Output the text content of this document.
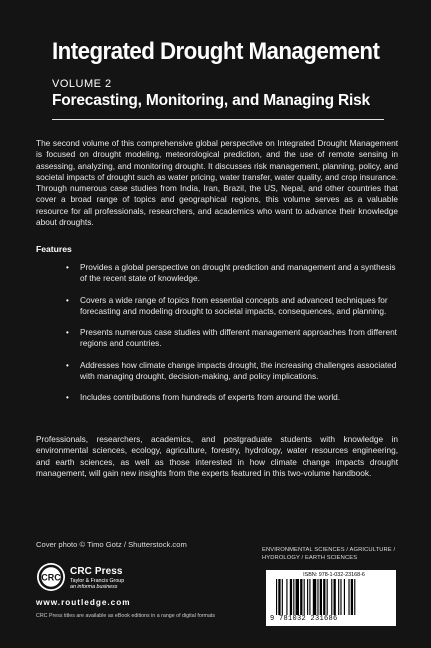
Integrated Drought Management
VOLUME 2
Forecasting, Monitoring, and Managing Risk
The second volume of this comprehensive global perspective on Integrated Drought Management is focused on drought modeling, meteorological prediction, and the use of remote sensing in assessing, analyzing, and monitoring drought. It discusses risk management, planning, policy, and societal impacts of drought such as water pricing, water transfer, water quality, and crop insurance. Through numerous case studies from India, Iran, Brazil, the US, Nepal, and other countries that cover a broad range of topics and geographical regions, this volume serves as a valuable resource for all professionals, researchers, and academics who want to advance their knowledge about droughts.
Features
• Provides a global perspective on drought prediction and management and a synthesis of the recent state of knowledge.
• Covers a wide range of topics from essential concepts and advanced techniques for forecasting and modeling drought to societal impacts, consequences, and planning.
• Presents numerous case studies with different management approaches from different regions and countries.
• Addresses how climate change impacts drought, the increasing challenges associated with managing drought, decision-making, and policy implications.
• Includes contributions from hundreds of experts from around the world.
Professionals, researchers, academics, and postgraduate students with knowledge in environmental sciences, ecology, agriculture, forestry, hydrology, water resources engineering, and earth sciences, as well as those interested in how climate change impacts drought management, will gain new insights from the experts featured in this two-volume handbook.
Cover photo © Timo Gotz / Shutterstock.com
ENVIRONMENTAL SCIENCES / AGRICULTURE / HYDROLOGY / EARTH SCIENCES
CRC
CRC Press
Taylor & Francis Group
an informa business
www.routledge.com
CRC Press titles are available as eBook editions in a range of digital formats
ISBN: 978-1-032-23168-6
9 781032 231686
